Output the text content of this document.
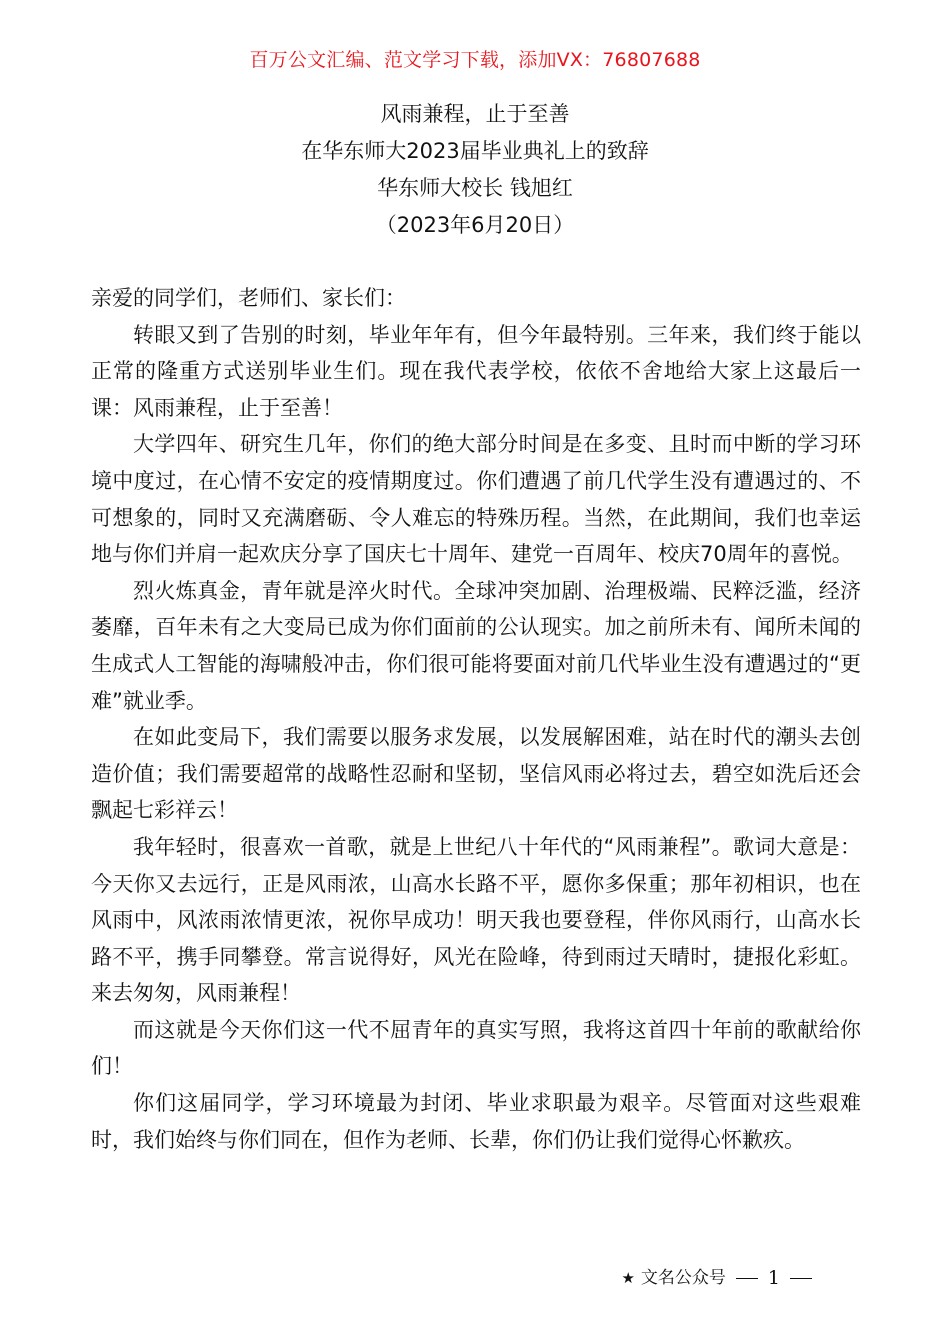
百万公文汇编、范文学习下载，添加VX：76807688
风雨兼程，止于至善
在华东师大2023届毕业典礼上的致辞
华东师大校长 钱旭红
（2023年6月20日）

亲爱的同学们，老师们、家长们：

转眼又到了告别的时刻，毕业年年有，但今年最特别。三年来，我们终于能以正常的隆重方式送别毕业生们。现在我代表学校，依依不舍地给大家上这最后一课：风雨兼程，止于至善！

大学四年、研究生几年，你们的绝大部分时间是在多变、且时而中断的学习环境中度过，在心情不安定的疫情期度过。你们遭遇了前几代学生没有遭遇过的、不可想象的，同时又充满磨砺、令人难忘的特殊历程。当然，在此期间，我们也幸运地与你们并肩一起欢庆分享了国庆七十周年、建党一百周年、校庆70周年的喜悦。

烈火炼真金，青年就是淬火时代。全球冲突加剧、治理极端、民粹泛滥，经济萎靡，百年未有之大变局已成为你们面前的公认现实。加之前所未有、闻所未闻的生成式人工智能的海啸般冲击，你们很可能将要面对前几代毕业生没有遭遇过的“更难”就业季。

在如此变局下，我们需要以服务求发展，以发展解困难，站在时代的潮头去创造价值；我们需要超常的战略性忍耐和坚韧，坚信风雨必将过去，碧空如洗后还会飘起七彩祥云！

我年轻时，很喜欢一首歌，就是上世纪八十年代的“风雨兼程”。歌词大意是：今天你又去远行，正是风雨浓，山高水长路不平，愿你多保重；那年初相识，也在风雨中，风浓雨浓情更浓，祝你早成功！明天我也要登程，伴你风雨行，山高水长路不平，携手同攀登。常言说得好，风光在险峰，待到雨过天晴时，捷报化彩虹。来去匆匆，风雨兼程！

而这就是今天你们这一代不屈青年的真实写照，我将这首四十年前的歌献给你们！

你们这届同学，学习环境最为封闭、毕业求职最为艰辛。尽管面对这些艰难时，我们始终与你们同在，但作为老师、长辈，你们仍让我们觉得心怀歉疚。

★ 文名公众号 1
